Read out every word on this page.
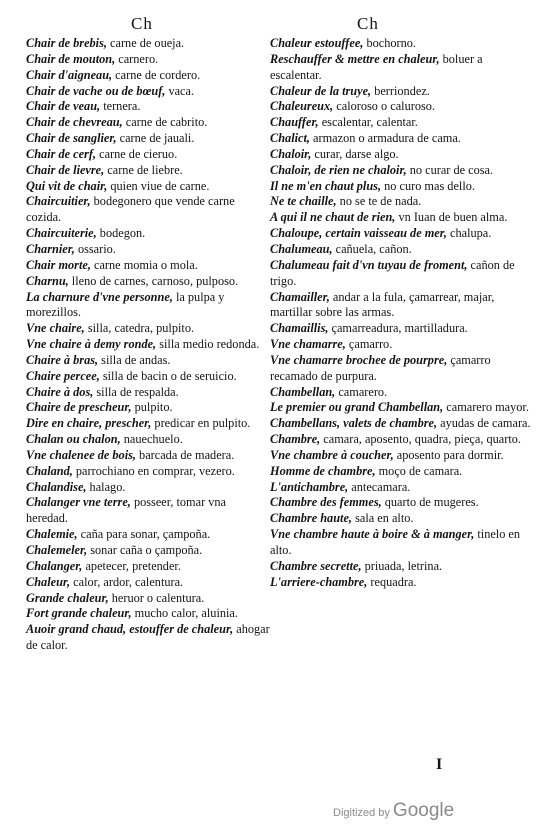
Ch	Ch
Chair de brebis, carne de oueja.
Chair de mouton, carnero.
Chair d'aigneau, carne de cordero.
Chair de vache ou de bœuf, vaca.
Chair de veau, ternera.
Chair de chevreau, carne de cabrito.
Chair de sanglier, carne de jauali.
Chair de cerf, carne de cieruo.
Chair de lievre, carne de liebre.
Qui vit de chair, quien viue de carne.
Chaircuitier, bodegonero que vende carne cozida.
Chaircuiterie, bodegon.
Charnier, ossario.
Chair morte, carne momia o mola.
Charnu, lleno de carnes, carnoso, pulposo.
La charnure d'vne personne, la pulpa y morezillos.
Vne chaire, silla, catedra, pulpito.
Vne chaire à demy ronde, silla medio redonda.
Chaire à bras, silla de andas.
Chaire percee, silla de bacin o de seruicio.
Chaire à dos, silla de respalda.
Chaire de prescheur, pulpito.
Dire en chaire, prescher, predicar en pulpito.
Chalan ou chalon, nauechuelo.
Vne chalenee de bois, barcada de madera.
Chaland, parrochiano en comprar, vezero.
Chalandise, halago.
Chalanger vne terre, posseer, tomar vna heredad.
Chalemie, caña para sonar, çampoña.
Chalemeler, sonar caña o çampoña.
Chalanger, apetecer, pretender.
Chaleur, calor, ardor, calentura.
Grande chaleur, heruor o calentura.
Fort grande chaleur, mucho calor, aluinia.
Auoir grand chaud, estouffer de chaleur, ahogar de calor.
Chaleur estouffee, bochorno.
Reschauffer & mettre en chaleur, boluer a escalentar.
Chaleur de la truye, berriondez.
Chaleureux, caloroso o caluroso.
Chauffer, escalentar, calentar.
Chalict, armazon o armadura de cama.
Chaloir, curar, darse algo.
Chaloir, de rien ne chaloir, no curar de cosa.
Il ne m'en chaut plus, no curo mas dello.
Ne te chaille, no se te de nada.
A qui il ne chaut de rien, vn Iuan de buen alma.
Chaloupe, certain vaisseau de mer, chalupa.
Chalumeau, cañuela, cañon.
Chalumeau fait d'vn tuyau de froment, cañon de trigo.
Chamailler, andar a la fula, çamarrear, majar, martillar sobre las armas.
Chamaillis, çamarreadura, martilladura.
Vne chamarre, çamarro.
Vne chamarre brochee de pourpre, çamarro recamado de purpura.
Chambellan, camarero.
Le premier ou grand Chambellan, camarero mayor.
Chambellans, valets de chambre, ayudas de camara.
Chambre, camara, aposento, quadra, pieça, quarto.
Vne chambre à coucher, aposento para dormir.
Homme de chambre, moço de camara.
L'antichambre, antecamara.
Chambre des femmes, quarto de mugeres.
Chambre haute, sala en alto.
Vne chambre haute à boire & à manger, tinelo en alto.
Chambre secrette, priuada, letrina.
L'arriere-chambre, requadra.
I
Digitized by Google
